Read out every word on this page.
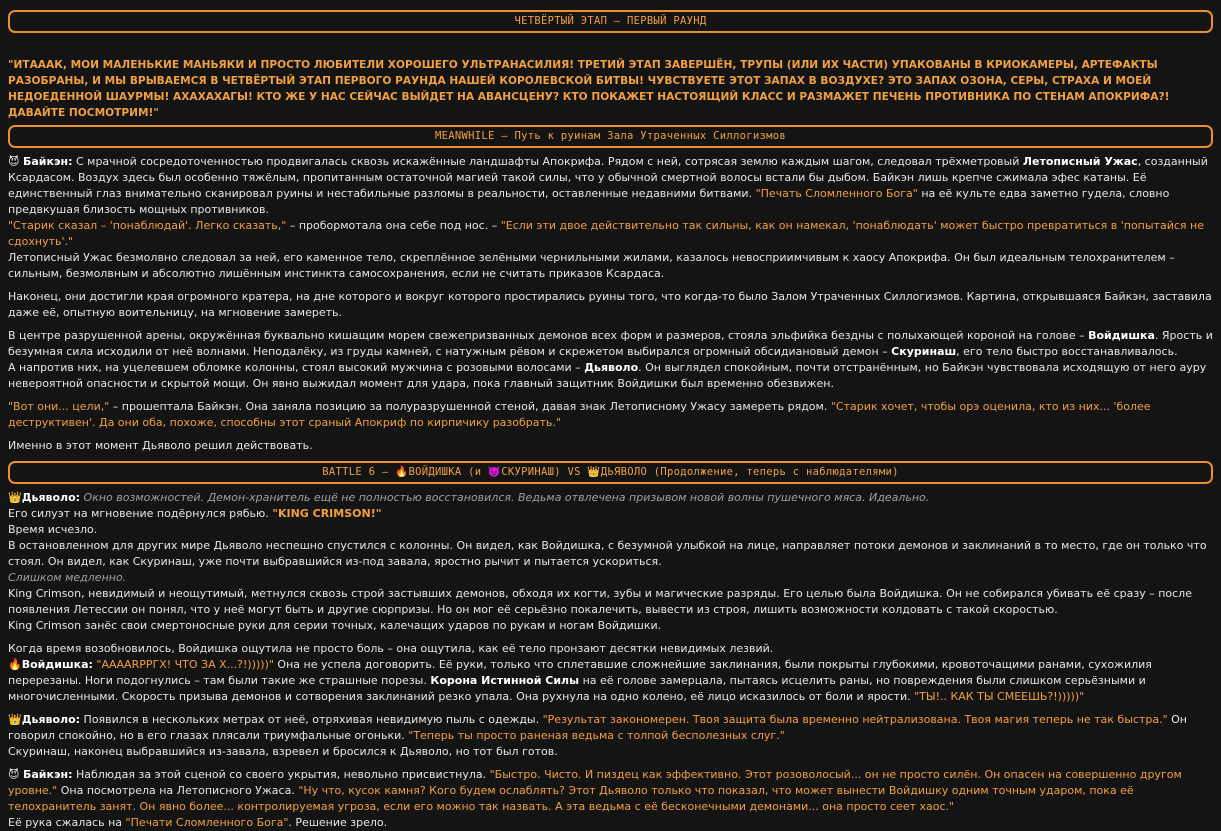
ЧЕТВЁРТЫЙ ЭТАП – ПЕРВЫЙ РАУНД
"ИТАААК, МОИ МАЛЕНЬКИЕ МАНЬЯКИ И ПРОСТО ЛЮБИТЕЛИ ХОРОШЕГО УЛЬТРАНАСИЛИЯ! ТРЕТИЙ ЭТАП ЗАВЕРШЁН, ТРУПЫ (ИЛИ ИХ ЧАСТИ) УПАКОВАНЫ В КРИОКАМЕРЫ, АРТЕФАКТЫ РАЗОБРАНЫ, И МЫ ВРЫВАЕМСЯ В ЧЕТВЁРТЫЙ ЭТАП ПЕРВОГО РАУНДА НАШЕЙ КОРОЛЕВСКОЙ БИТВЫ! ЧУВСТВУЕТЕ ЭТОТ ЗАПАХ В ВОЗДУХЕ? ЭТО ЗАПАХ ОЗОНА, СЕРЫ, СТРАХА И МОЕЙ НЕДОЕДЕННОЙ ШАУРМЫ! АХАХАХАГЫ! КТО ЖЕ У НАС СЕЙЧАС ВЫЙДЕТ НА АВАНСЦЕНУ? КТО ПОКАЖЕТ НАСТОЯЩИЙ КЛАСС И РАЗМАЖЕТ ПЕЧЕНЬ ПРОТИВНИКА ПО СТЕНАМ АПОКРИФА?! ДАВАЙТЕ ПОСМОТРИМ!"
MEANWHILE – Путь к руинам Зала Утраченных Силлогизмов

😈 Байкэн: С мрачной сосредоточенностью продвигалась сквозь искажённые ландшафты Апокрифа. Рядом с ней, сотрясая землю каждым шагом, следовал трёхметровый Летописный Ужас, созданный Ксардасом. Воздух здесь был особенно тяжёлым, пропитанным остаточной магией такой силы, что у обычной смертной волосы встали бы дыбом. Байкэн лишь крепче сжимала эфес катаны. Её единственный глаз внимательно сканировал руины и нестабильные разломы в реальности, оставленные недавними битвами. "Печать Сломленного Бога" на её культе едва заметно гудела, словно предвкушая близость мощных противников.
"Старик сказал – 'понаблюдай'. Легко сказать," – пробормотала она себе под нос. – "Если эти двое действительно так сильны, как он намекал, 'понаблюдать' может быстро превратиться в 'попытайся не сдохнуть'."
Летописный Ужас безмолвно следовал за ней, его каменное тело, скреплённое зелёными чернильными жилами, казалось невосприимчивым к хаосу Апокрифа. Он был идеальным телохранителем – сильным, безмолвным и абсолютно лишённым инстинкта самосохранения, если не считать приказов Ксардаса.

Наконец, они достигли края огромного кратера, на дне которого и вокруг которого простирались руины того, что когда-то было Залом Утраченных Силлогизмов. Картина, открывшаяся Байкэн, заставила даже её, опытную воительницу, на мгновение замереть.

В центре разрушенной арены, окружённая буквально кишащим морем свежепризванных демонов всех форм и размеров, стояла эльфийка бездны с полыхающей короной на голове – Войдишка. Ярость и безумная сила исходили от неё волнами. Неподалёку, из груды камней, с натужным рёвом и скрежетом выбирался огромный обсидиановый демон – Скуринаш, его тело быстро восстанавливалось.
А напротив них, на уцелевшем обломке колонны, стоял высокий мужчина с розовыми волосами – Дьяволо. Он выглядел спокойным, почти отстранённым, но Байкэн чувствовала исходящую от него ауру невероятной опасности и скрытой мощи. Он явно выжидал момент для удара, пока главный защитник Войдишки был временно обезвижен.

"Вот они... цели," – прошептала Байкэн. Она заняла позицию за полуразрушенной стеной, давая знак Летописному Ужасу замереть рядом. "Старик хочет, чтобы орэ оценила, кто из них... 'более деструктивен'. Да они оба, похоже, способны этот сраный Апокриф по кирпичику разобрать."

Именно в этот момент Дьяволо решил действовать.

BATTLE 6 – 🔥ВОЙДИШКА (и 😈СКУРИНАШ) VS 👑ДЬЯВОЛО (Продолжение, теперь с наблюдателями)

👑Дьяволо: Окно возможностей. Демон-хранитель ещё не полностью восстановился. Ведьма отвлечена призывом новой волны пушечного мяса. Идеально.
Его силуэт на мгновение подёрнулся рябью. "KING CRIMSON!"
Время исчезло.
В остановленном для других мире Дьяволо неспешно спустился с колонны. Он видел, как Войдишка, с безумной улыбкой на лице, направляет потоки демонов и заклинаний в то место, где он только что стоял. Он видел, как Скуринаш, уже почти выбравшийся из-под завала, яростно рычит и пытается ускориться.
Слишком медленно.
King Crimson, невидимый и неощутимый, метнулся сквозь строй застывших демонов, обходя их когти, зубы и магические разряды. Его целью была Войдишка. Он не собирался убивать её сразу – после появления Летессии он понял, что у неё могут быть и другие сюрпризы. Но он мог её серьёзно покалечить, вывести из строя, лишить возможности колдовать с такой скоростью.
King Crimson занёс свои смертоносные руки для серии точных, калечащих ударов по рукам и ногам Войдишки.

Когда время возобновилось, Войдишка ощутила не просто боль – она ощутила, как её тело пронзают десятки невидимых лезвий.
🔥Войдишка: "АААARРРГХ! ЧТО ЗА Х...?!)))))" Она не успела договорить. Её руки, только что сплетавшие сложнейшие заклинания, были покрыты глубокими, кровоточащими ранами, сухожилия перерезаны. Ноги подогнулись – там были такие же страшные порезы. Корона Истинной Силы на её голове замерцала, пытаясь исцелить раны, но повреждения были слишком серьёзными и многочисленными. Скорость призыва демонов и сотворения заклинаний резко упала. Она рухнула на одно колено, её лицо исказилось от боли и ярости. "ТЫ!.. КАК ТЫ СМЕЕШЬ?!)))))"

👑Дьяволо: Появился в нескольких метрах от неё, отряхивая невидимую пыль с одежды. "Результат закономерен. Твоя защита была временно нейтрализована. Твоя магия теперь не так быстра." Он говорил спокойно, но в его глазах плясали триумфальные огоньки. "Теперь ты просто раненая ведьма с толпой бесполезных слуг."
Скуринаш, наконец выбравшийся из-завала, взревел и бросился к Дьяволо, но тот был готов.

😈 Байкэн: Наблюдая за этой сценой со своего укрытия, невольно присвистнула. "Быстро. Чисто. И пиздец как эффективно. Этот розоволосый... он не просто силён. Он опасен на совершенно другом уровне." Она посмотрела на Летописного Ужаса. "Ну что, кусок камня? Кого будем ослаблять? Этот Дьяволо только что показал, что может вынести Войдишку одним точным ударом, пока её телохранитель занят. Он явно более... контролируемая угроза, если его можно так назвать. А эта ведьма с её бесконечными демонами... она просто сеет хаос."
Её рука сжалась на "Печати Сломленного Бога". Решение зрело.
